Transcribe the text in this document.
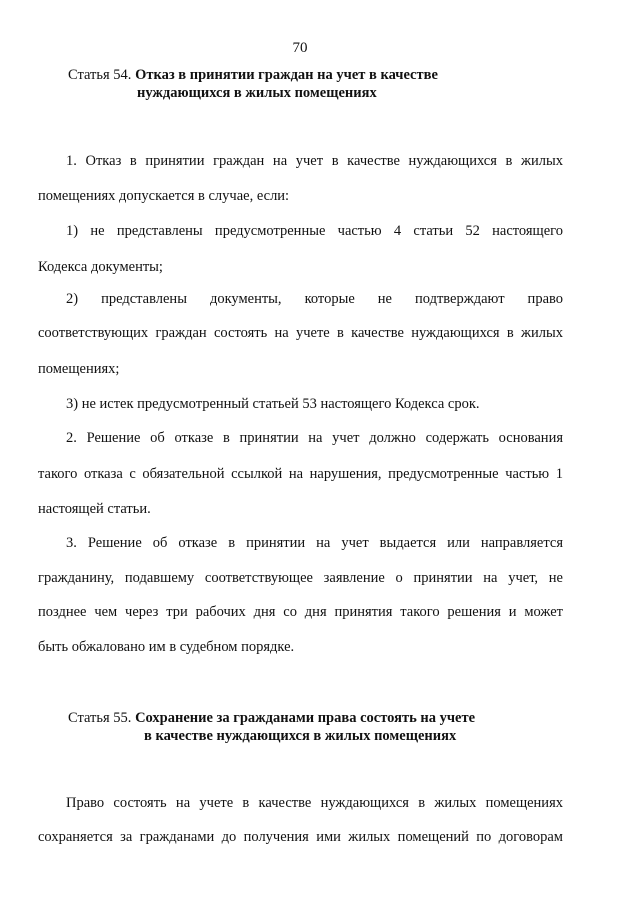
70
Статья 54. Отказ в принятии граждан на учет в качестве
нуждающихся в жилых помещениях
1. Отказ в принятии граждан на учет в качестве нуждающихся в жилых
помещениях допускается в случае, если:
1) не представлены предусмотренные частью 4 статьи 52 настоящего
Кодекса документы;
2) представлены документы, которые не подтверждают право
соответствующих граждан состоять на учете в качестве нуждающихся в жилых
помещениях;
3) не истек предусмотренный статьей 53 настоящего Кодекса срок.
2. Решение об отказе в принятии на учет должно содержать основания
такого отказа с обязательной ссылкой на нарушения, предусмотренные частью 1
настоящей статьи.
3. Решение об отказе в принятии на учет выдается или направляется
гражданину, подавшему соответствующее заявление о принятии на учет, не
позднее чем через три рабочих дня со дня принятия такого решения и может
быть обжаловано им в судебном порядке.
Статья 55. Сохранение за гражданами права состоять на учете
в качестве нуждающихся в жилых помещениях
Право состоять на учете в качестве нуждающихся в жилых помещениях
сохраняется за гражданами до получения ими жилых помещений по договорам
